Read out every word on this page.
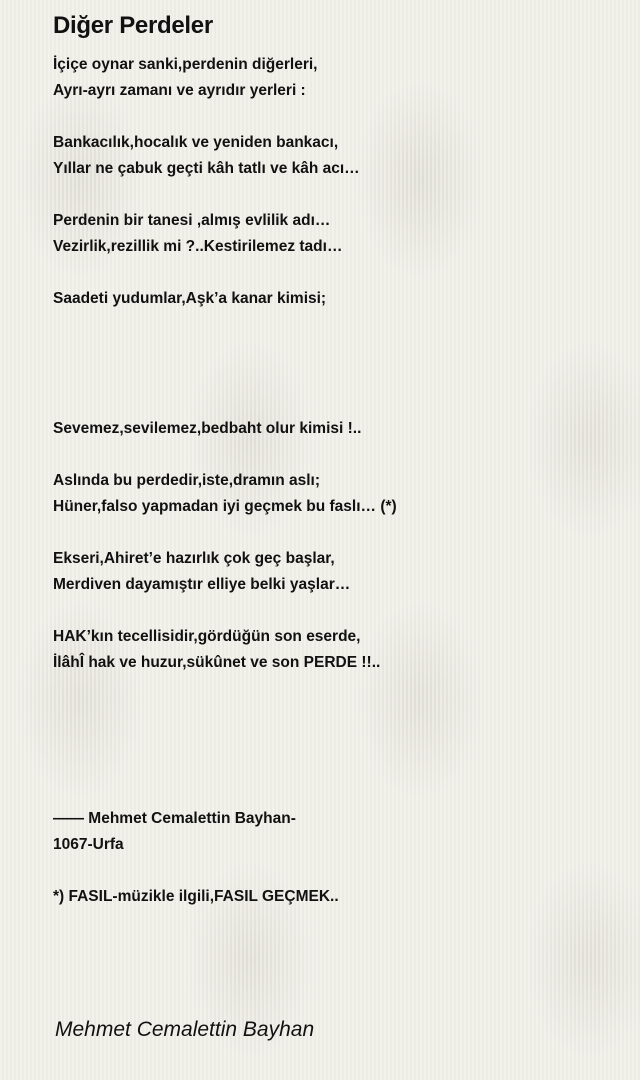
Diğer Perdeler
İçiçe oynar sanki,perdenin diğerleri,
Ayrı-ayrı zamanı ve ayrıdır yerleri :
Bankacılık,hocalık ve yeniden bankacı,
Yıllar ne çabuk geçti kâh tatlı ve kâh acı…
Perdenin bir tanesi ,almış evlilik adı…
Vezirlik,rezillik mi ?..Kestirilemez tadı…
Saadeti yudumlar,Aşk’a kanar kimisi;
Sevemez,sevilemez,bedbaht olur kimisi !..
Aslında bu perdedir,iste,dramın aslı;
Hüner,falso yapmadan iyi geçmek bu faslı… (*)
Ekseri,Ahiret’e hazırlık çok geç başlar,
Merdiven dayamıştır elliye belki yaşlar…
HAK’kın tecellisidir,gördüğün son eserde,
İlâhÎ hak ve huzur,sükûnet ve son PERDE !!..
—— Mehmet Cemalettin Bayhan-
1067-Urfa
*) FASIL-müzikle ilgili,FASIL GEÇMEK..
Mehmet Cemalettin Bayhan
